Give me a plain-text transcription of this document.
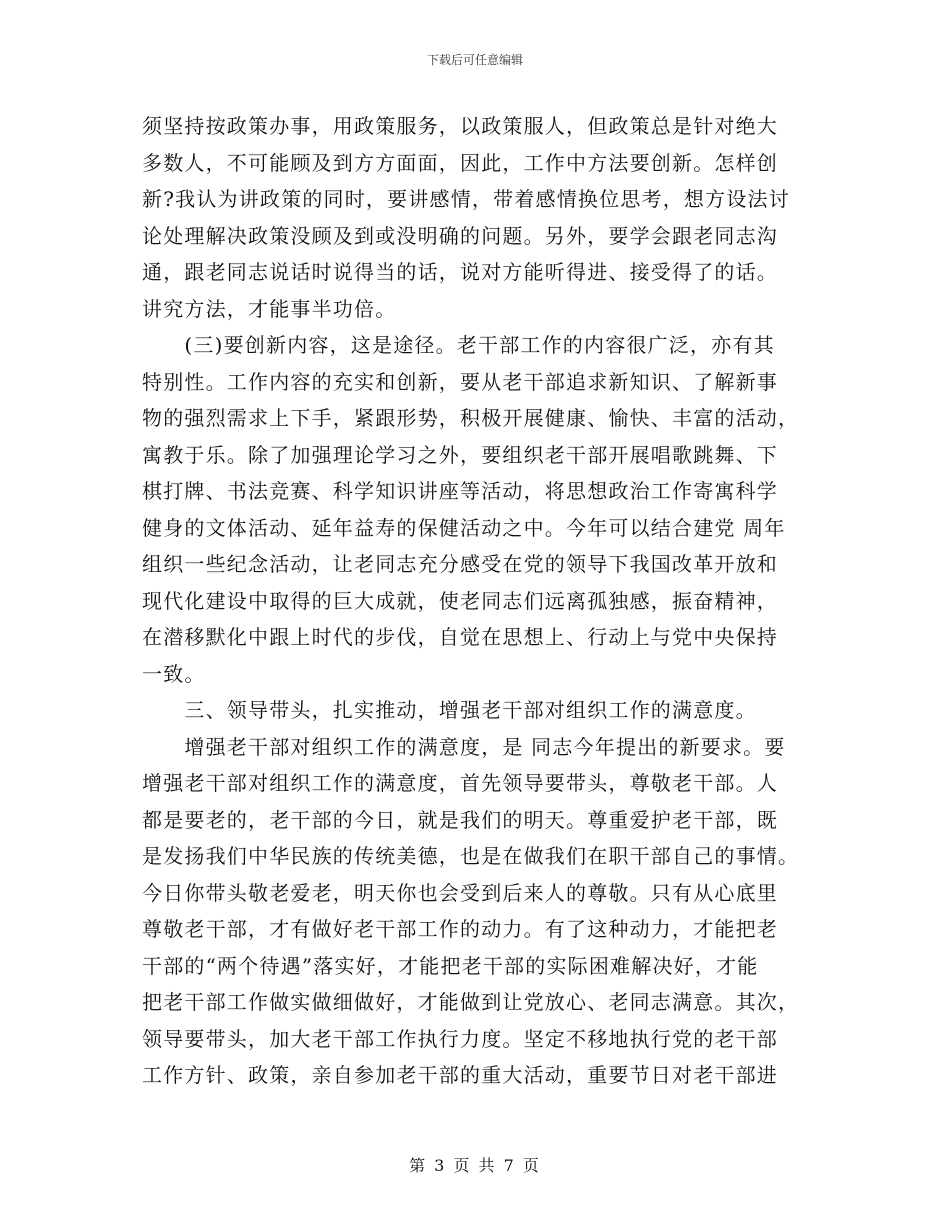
下载后可任意编辑

须坚持按政策办事，用政策服务，以政策服人，但政策总是针对绝大

多数人，不可能顾及到方方面面，因此，工作中方法要创新。怎样创

新?我认为讲政策的同时，要讲感情，带着感情换位思考，想方设法讨

论处理解决政策没顾及到或没明确的问题。另外，要学会跟老同志沟

通，跟老同志说话时说得当的话，说对方能听得进、接受得了的话。

讲究方法，才能事半功倍。

　　(三)要创新内容，这是途径。老干部工作的内容很广泛，亦有其

特别性。工作内容的充实和创新，要从老干部追求新知识、了解新事

物的强烈需求上下手，紧跟形势，积极开展健康、愉快、丰富的活动，

寓教于乐。除了加强理论学习之外，要组织老干部开展唱歌跳舞、下

棋打牌、书法竞赛、科学知识讲座等活动，将思想政治工作寄寓科学

健身的文体活动、延年益寿的保健活动之中。今年可以结合建党 周年

组织一些纪念活动，让老同志充分感受在党的领导下我国改革开放和

现代化建设中取得的巨大成就，使老同志们远离孤独感，振奋精神，

在潜移默化中跟上时代的步伐，自觉在思想上、行动上与党中央保持

一致。

　　三、领导带头，扎实推动，增强老干部对组织工作的满意度。

　　增强老干部对组织工作的满意度，是 同志今年提出的新要求。要

增强老干部对组织工作的满意度，首先领导要带头，尊敬老干部。人

都是要老的，老干部的今日，就是我们的明天。尊重爱护老干部，既

是发扬我们中华民族的传统美德，也是在做我们在职干部自己的事情。

今日你带头敬老爱老，明天你也会受到后来人的尊敬。只有从心底里

尊敬老干部，才有做好老干部工作的动力。有了这种动力，才能把老

干部的“两个待遇”落实好，才能把老干部的实际困难解决好，才能

把老干部工作做实做细做好，才能做到让党放心、老同志满意。其次，

领导要带头，加大老干部工作执行力度。坚定不移地执行党的老干部

工作方针、政策，亲自参加老干部的重大活动，重要节日对老干部进

第 3 页 共 7 页
